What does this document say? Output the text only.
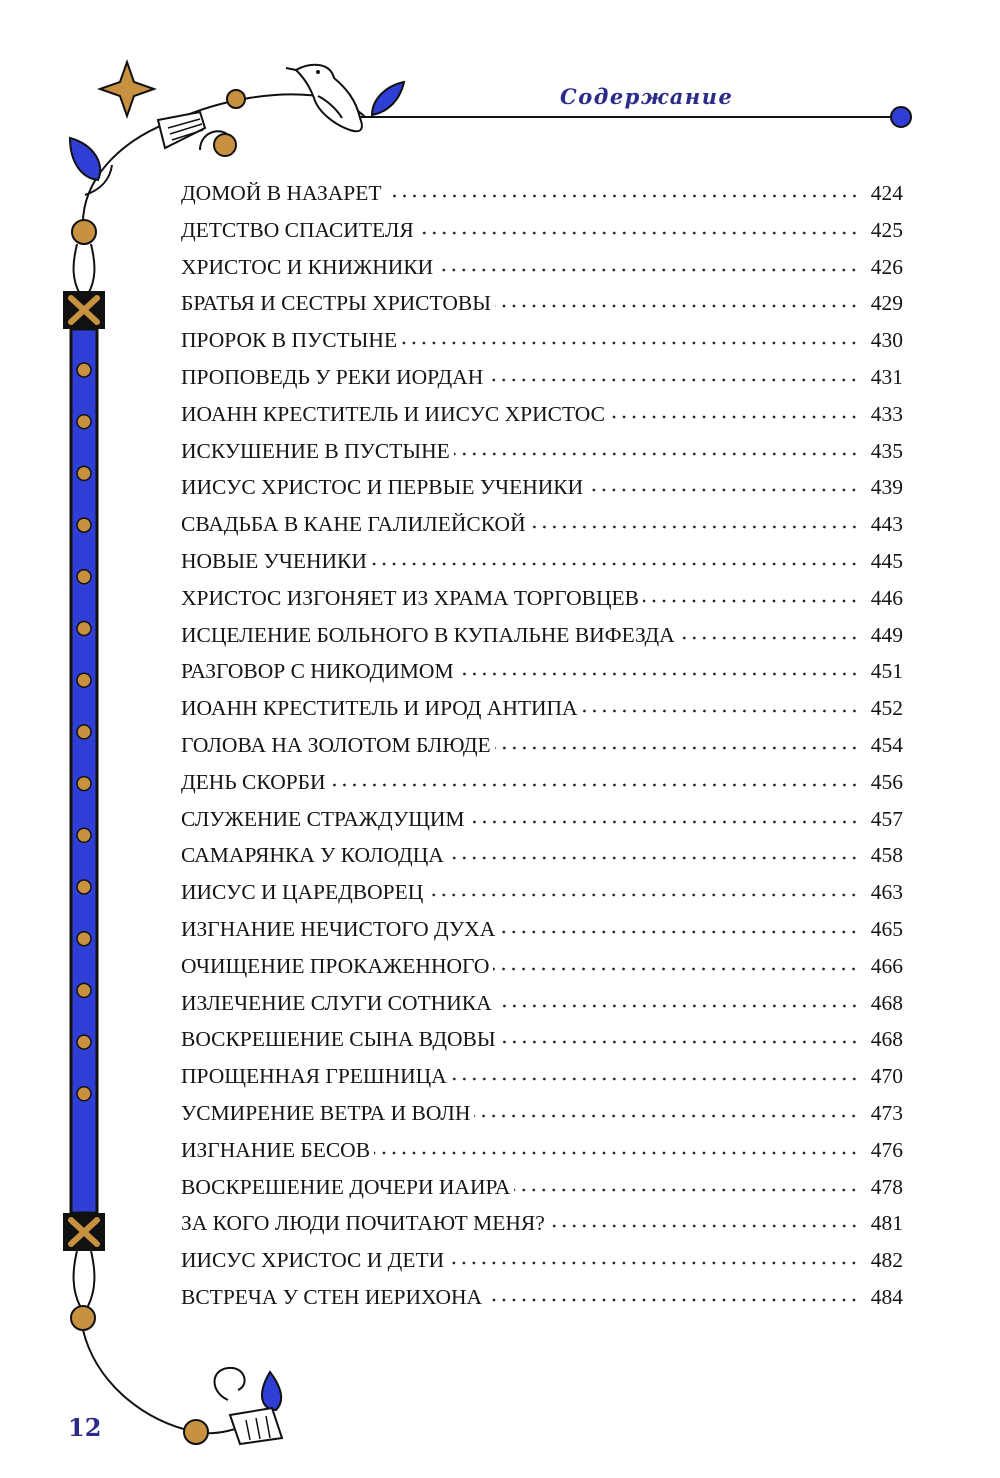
Содержание
ДОМОЙ В НАЗАРЕТ	424
ДЕТСТВО СПАСИТЕЛЯ	425
ХРИСТОС И КНИЖНИКИ	426
БРАТЬЯ И СЕСТРЫ ХРИСТОВЫ	429
ПРОРОК В ПУСТЫНЕ	430
ПРОПОВЕДЬ У РЕКИ ИОРДАН	431
ИОАНН КРЕСТИТЕЛЬ И ИИСУС ХРИСТОС	433
ИСКУШЕНИЕ В ПУСТЫНЕ	435
ИИСУС ХРИСТОС И ПЕРВЫЕ УЧЕНИКИ	439
СВАДЬБА В КАНЕ ГАЛИЛЕЙСКОЙ	443
НОВЫЕ УЧЕНИКИ	445
ХРИСТОС ИЗГОНЯЕТ ИЗ ХРАМА ТОРГОВЦЕВ	446
ИСЦЕЛЕНИЕ БОЛЬНОГО В КУПАЛЬНЕ ВИФЕЗДА	449
РАЗГОВОР С НИКОДИМОМ	451
ИОАНН КРЕСТИТЕЛЬ И ИРОД АНТИПА	452
ГОЛОВА НА ЗОЛОТОМ БЛЮДЕ	454
ДЕНЬ СКОРБИ	456
СЛУЖЕНИЕ СТРАЖДУЩИМ	457
САМАРЯНКА У КОЛОДЦА	458
ИИСУС И ЦАРЕДВОРЕЦ	463
ИЗГНАНИЕ НЕЧИСТОГО ДУХА	465
ОЧИЩЕНИЕ ПРОКАЖЕННОГО	466
ИЗЛЕЧЕНИЕ СЛУГИ СОТНИКА	468
ВОСКРЕШЕНИЕ СЫНА ВДОВЫ	468
ПРОЩЕННАЯ ГРЕШНИЦА	470
УСМИРЕНИЕ ВЕТРА И ВОЛН	473
ИЗГНАНИЕ БЕСОВ	476
ВОСКРЕШЕНИЕ ДОЧЕРИ ИАИРА	478
ЗА КОГО ЛЮДИ ПОЧИТАЮТ МЕНЯ?	481
ИИСУС ХРИСТОС И ДЕТИ	482
ВСТРЕЧА У СТЕН ИЕРИХОНА	484
12
